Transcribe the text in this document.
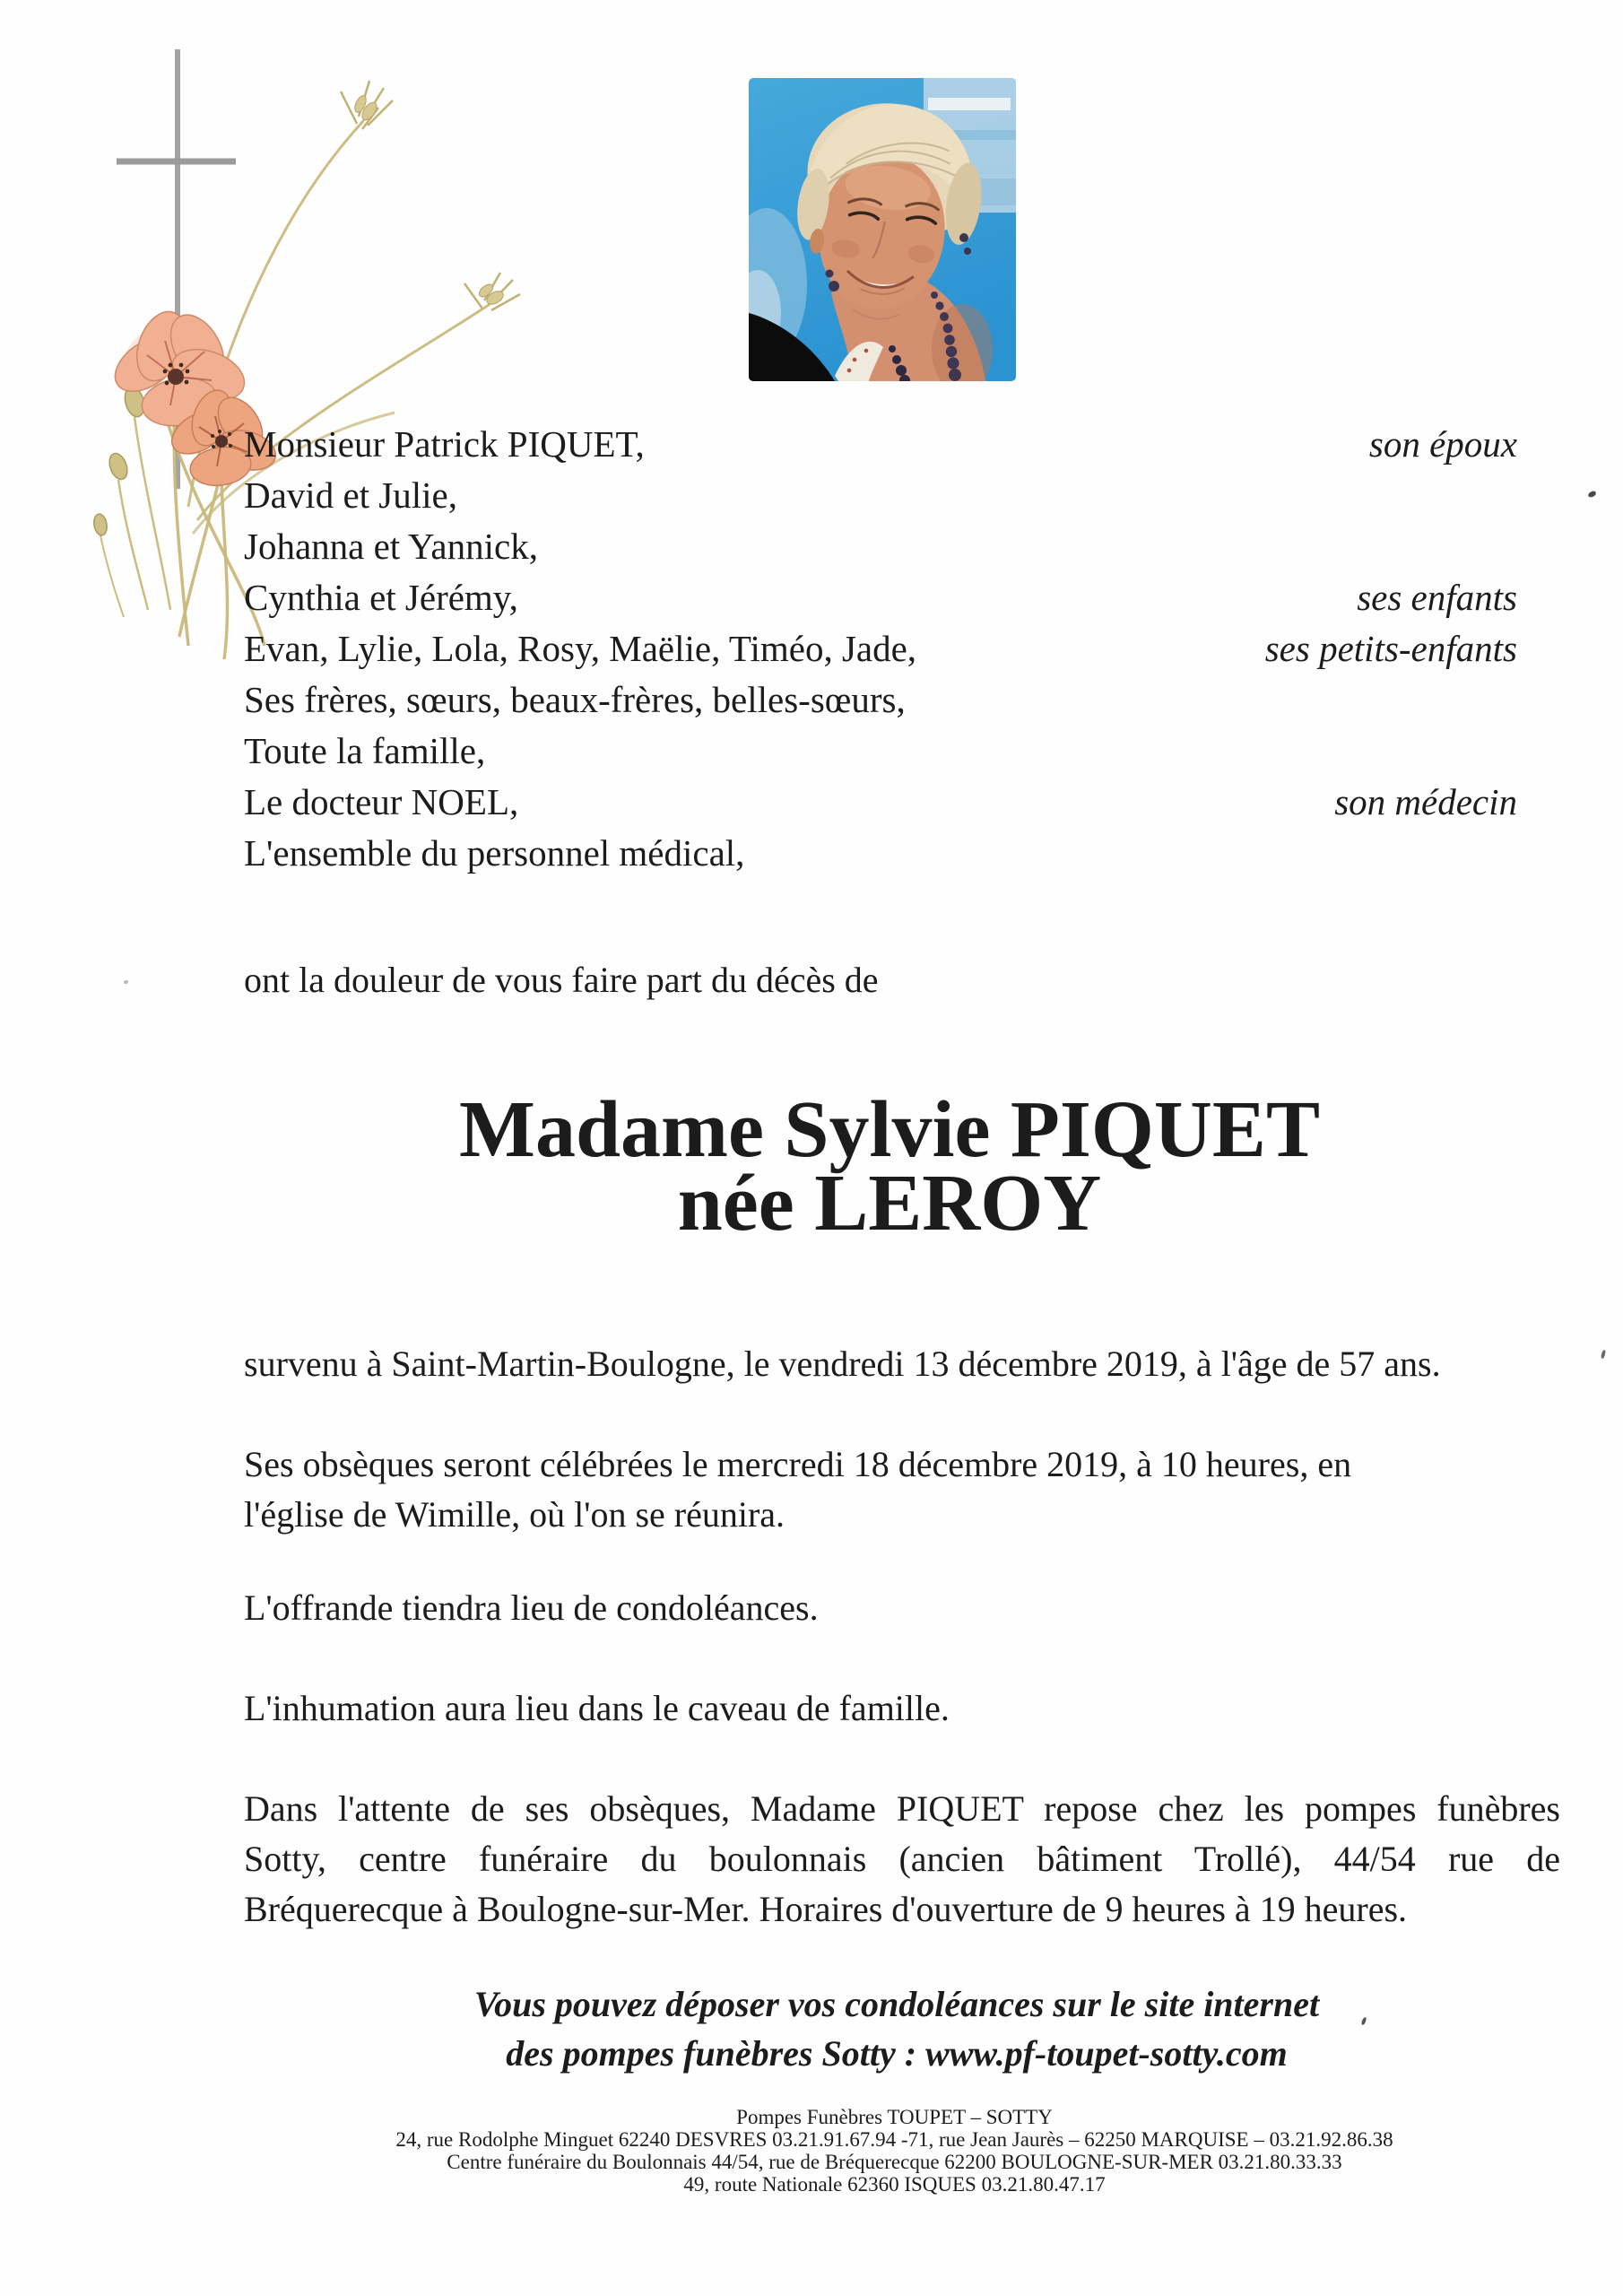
Monsieur Patrick PIQUET,
David et Julie,
Johanna et Yannick,
Cynthia et Jérémy,
Evan, Lylie, Lola, Rosy, Maëlie, Timéo, Jade,
Ses frères, sœurs, beaux-frères, belles-sœurs,
Toute la famille,
Le docteur NOEL,
L'ensemble du personnel médical,
son époux
ses enfants
ses petits-enfants
son médecin
ont la douleur de vous faire part du décès de
Madame Sylvie PIQUET
née LEROY
survenu à Saint-Martin-Boulogne, le vendredi 13 décembre 2019, à l'âge de 57 ans.
Ses obsèques seront célébrées le mercredi 18 décembre 2019, à 10 heures, en
l'église de Wimille, où l'on se réunira.
L'offrande tiendra lieu de condoléances.
L'inhumation aura lieu dans le caveau de famille.
Dans l'attente de ses obsèques, Madame PIQUET repose chez les pompes funèbres
Sotty, centre funéraire du boulonnais (ancien bâtiment Trollé), 44/54 rue de
Bréquerecque à Boulogne-sur-Mer. Horaires d'ouverture de 9 heures à 19 heures.
Vous pouvez déposer vos condoléances sur le site internet
des pompes funèbres Sotty : www.pf-toupet-sotty.com
Pompes Funèbres TOUPET – SOTTY
24, rue Rodolphe Minguet 62240 DESVRES 03.21.91.67.94 -71, rue Jean Jaurès – 62250 MARQUISE – 03.21.92.86.38
Centre funéraire du Boulonnais 44/54, rue de Bréquerecque 62200 BOULOGNE-SUR-MER 03.21.80.33.33
49, route Nationale 62360 ISQUES 03.21.80.47.17
